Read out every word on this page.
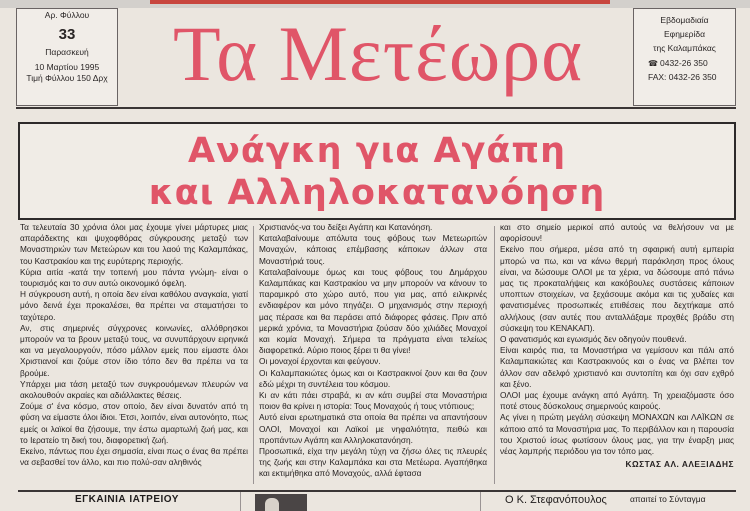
Αρ. Φύλλου
33
Παρασκευή
10 Μαρτίου 1995
Τιμή Φύλλου 150 Δρχ Τα Μετέωρα	Εβδομαδιαία
Εφημερίδα
της Καλαμπάκας
☎ 0432-26 350
FAX: 0432-26 350
Ανάγκη για Αγάπη
και Αλληλοκατανόηση

Τα τελευταία 30 χρόνια όλοι μας έχουμε γίνει μάρτυρες μιας απαράδεκτης και ψυχοφθόρας σύγκρουσης μεταξύ των Μοναστηριών των Μετεώρων και του λαού της Καλαμπάκας, του Καστρακίου και της ευρύτερης περιοχής.

Κύρια αιτία -κατά την τοπεινή μου πάντα γνώμη- είναι ο τουρισμός και το συν αυτώ οικονομικό όφελη.

Η σύγκρουση αυτή, η οποία δεν είναι καθόλου αναγκαία, γιατί μόνο δεινά έχει προκαλέσει, θα πρέπει να σταματήσει το ταχύτερο.

Αν, στις σημερινές σύγχρονες κοινωνίες, αλλόθρησκοι μπορούν να τα βρουν μεταξύ τους, να συνυπάρχουν ειρηνικά και να μεγαλουργούν, πόσο μάλλον εμείς που είμαστε όλοι Χριστιανοί και ζούμε στον ίδιο τόπο δεν θα πρέπει να τα βρούμε.

Υπάρχει μια τάση μεταξύ των συγκρουόμενων πλευρών να ακολουθούν ακραίες και αδιάλλακτες θέσεις.

Ζούμε σ' ένα κόσμο, στον οποίο, δεν είναι δυνατόν από τη φύση να είμαστε όλοι ίδιοι. Έτσι, λοιπόν, είναι αυτονόητο, πως εμείς οι λαϊκοί θα ζήσουμε, την έστω αμαρτωλή ζωή μας, και το Ιερατείο τη δική του, διαφορετική ζωή.

Εκείνο, πάντως που έχει σημασία, είναι πως ο ένας θα πρέπει να σεβασθεί τον άλλο, και πιο πολύ-σαν αληθινός

Χριστιανός-να του δείξει Αγάπη και Κατανόηση.

Καταλαβαίνουμε απόλυτα τους φόβους των Μετεωριτών Μοναχών, κάποιας επέμβασης κάποιων άλλων στα Μοναστήριά τους.

Καταλαβαίνουμε όμως και τους φόβους του Δημάρχου Καλαμπάκας και Καστρακίου να μην μπορούν να κάνουν το παραμικρό στο χώρο αυτό, που για μας, από ειλικρινές ενδιαφέρον και μόνο πηγάζει. Ο μηχανισμός στην περιοχή μας πέρασε και θα περάσει από διάφορες φάσεις. Πριν από μερικά χρόνια, τα Μοναστήρια ζούσαν δύο χιλιάδες Μοναχοί και κομία Μοναχή. Σήμερα τα πράγματα είναι τελείως διαφορετικά. Αύριο ποιος ξέρει τι θα γίνει!

Οι μοναχοί έρχονται και φεύγουν.

Οι Καλαμπακιώτες όμως και οι Καστρακινοί ζουν και θα ζουν εδώ μέχρι τη συντέλεια του κόσμου.

Κι αν κάτι πάει στραβά, κι αν κάτι συμβεί στα Μοναστήρια ποιον θα κρίνει η ιστορία: Τους Μοναχούς ή τους ντόπιους;

Αυτό είναι ερωτηματικά στα οποία θα πρέπει να απαντήσουν ΟΛΟΙ, Μοναχοί και Λαϊκοί με νηφαλιότητα, πειθώ και προπάντων Αγάπη και Αλληλοκατανόηση.

Προσωπικά, είχα την μεγάλη τύχη να ζήσω όλες τις πλευρές της ζωής και στην Καλαμπάκα και στα Μετέωρα. Αγαπήθηκα και εκτιμήθηκα από Μοναχούς, αλλά έφτασα

και στο σημείο μερικοί από αυτούς να θελήσουν να με αφορίσουν!

Εκείνο που σήμερα, μέσα από τη σφαιρική αυτή εμπειρία μπορώ να πω, και να κάνω θερμή παράκληση προς όλους είναι, να δώσουμε ΟΛΟΙ με τα χέρια, να δώσουμε από πάνω μας τις προκαταλήψεις και κακόβουλες συστάσεις κάποιων υποπτων στοιχείων, να ξεχάσουμε ακόμα και τις χυδαίες και φανατισμένες προσωπικές επιθέσεις που δεχτήκαμε από αλλήλους (σαν αυτές που ανταλλάξαμε προχθές βράδυ στη σύσκεψη του ΚΕΝΑΚΑΠ).

Ο φανατισμός και εγωισμός δεν οδηγούν πουθενά.

Είναι καιρός πια, τα Μοναστήρια να γεμίσουν και πάλι από Καλαμπακιώτες και Καστρακινούς και ο ένας να βλέπει τον άλλον σαν αδελφό χριστιανό και συντοπίτη και όχι σαν εχθρό και ξένο.

ΟΛΟΙ μας έχουμε ανάγκη από Αγάπη. Τη χρειαζόμαστε όσο ποτέ στους δύσκολους σημερινούς καιρούς.

Ας γίνει η πρώτη μεγάλη σύσκεψη ΜΟΝΑΧΩΝ και ΛΑΪΚΩΝ σε κάποιο από τα Μοναστήρια μας. Το περιβάλλον και η παρουσία του Χριστού ίσως φωτίσουν όλους μας, για την έναρξη μιας νέας λαμπρής περιόδου για τον τόπο μας.

ΚΩΣΤΑΣ ΑΛ. ΑΛΕΞΙΑΔΗΣ
ΕΓΚΑΙΝΙΑ ΙΑΤΡΕΙΟΥ	Ο Κ. Στεφανόπουλος	απαιτεί το Σύνταγμα
